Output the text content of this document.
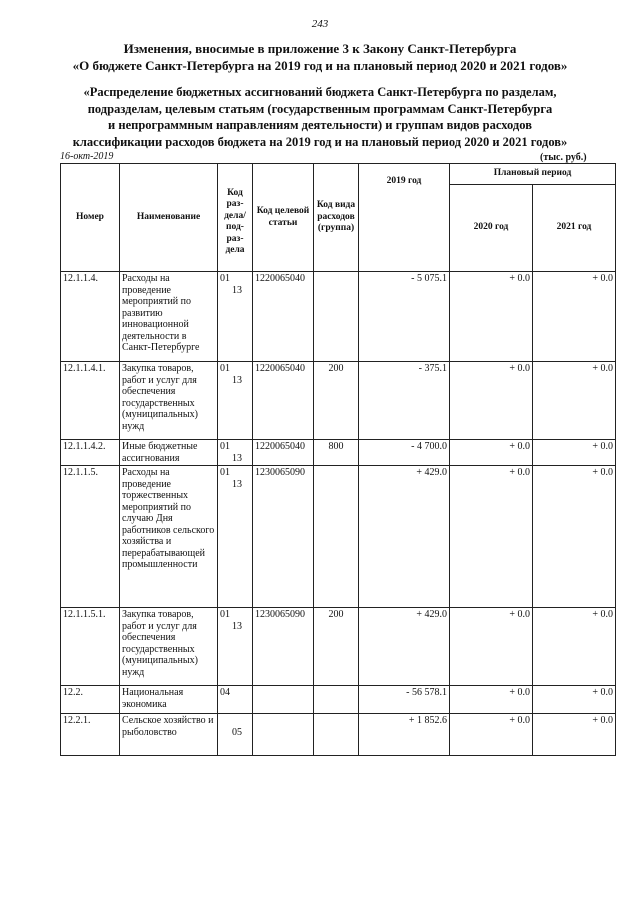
243
Изменения, вносимые в приложение 3 к Закону Санкт-Петербурга
«О бюджете Санкт-Петербурга на 2019 год и на плановый период 2020 и 2021 годов»
«Распределение бюджетных ассигнований бюджета Санкт-Петербурга по разделам,
подразделам, целевым статьям (государственным программам Санкт-Петербурга
и непрограммным направлениям деятельности) и группам видов расходов
классификации расходов бюджета на 2019 год и на плановый период 2020 и 2021 годов»
16-окт-2019	(тыс. руб.)
Номер	Наименование	Код раз-дела/ под-раз-дела	Код целевой статьи	Код вида расходов (группа)	2019 год	Плановый период	
						2020 год	2021 год
12.1.1.4.	Расходы на проведение мероприятий по развитию инновационной деятельности в Санкт-Петербурге	0113	1220065040		- 5 075.1	+ 0.0	+ 0.0
12.1.1.4.1.	Закупка товаров, работ и услуг для обеспечения государственных (муниципальных) нужд	0113	1220065040	200	- 375.1	+ 0.0	+ 0.0
12.1.1.4.2.	Иные бюджетные ассигнования	0113	1220065040	800	- 4 700.0	+ 0.0	+ 0.0
12.1.1.5.	Расходы на проведение торжественных мероприятий по случаю Дня работников сельского хозяйства и перерабатывающей промышленности	0113	1230065090		+ 429.0	+ 0.0	+ 0.0
12.1.1.5.1.	Закупка товаров, работ и услуг для обеспечения государственных (муниципальных) нужд	0113	1230065090	200	+ 429.0	+ 0.0	+ 0.0
12.2.	Национальная экономика	04			- 56 578.1	+ 0.0	+ 0.0
12.2.1.	Сельское хозяйство и рыболовство	05			+ 1 852.6	+ 0.0	+ 0.0
